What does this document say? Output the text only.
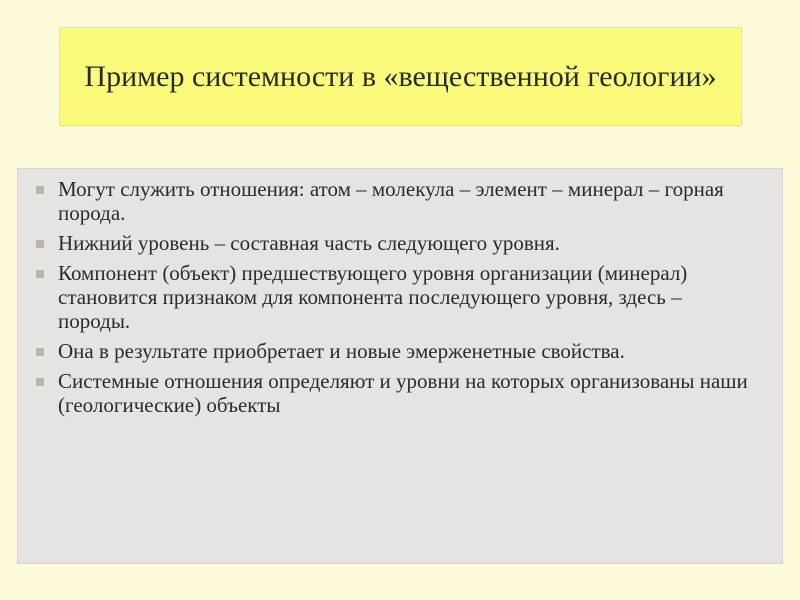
Пример системности в «вещественной геологии»
Могут служить отношения: атом – молекула – элемент – минерал – горная порода.
Нижний уровень – составная часть следующего уровня.
Компонент (объект) предшествующего уровня организации (минерал) становится признаком для компонента последующего уровня, здесь – породы.
Она в результате приобретает и новые эмерженетные свойства.
Системные отношения определяют и уровни на которых организованы наши (геологические) объекты
